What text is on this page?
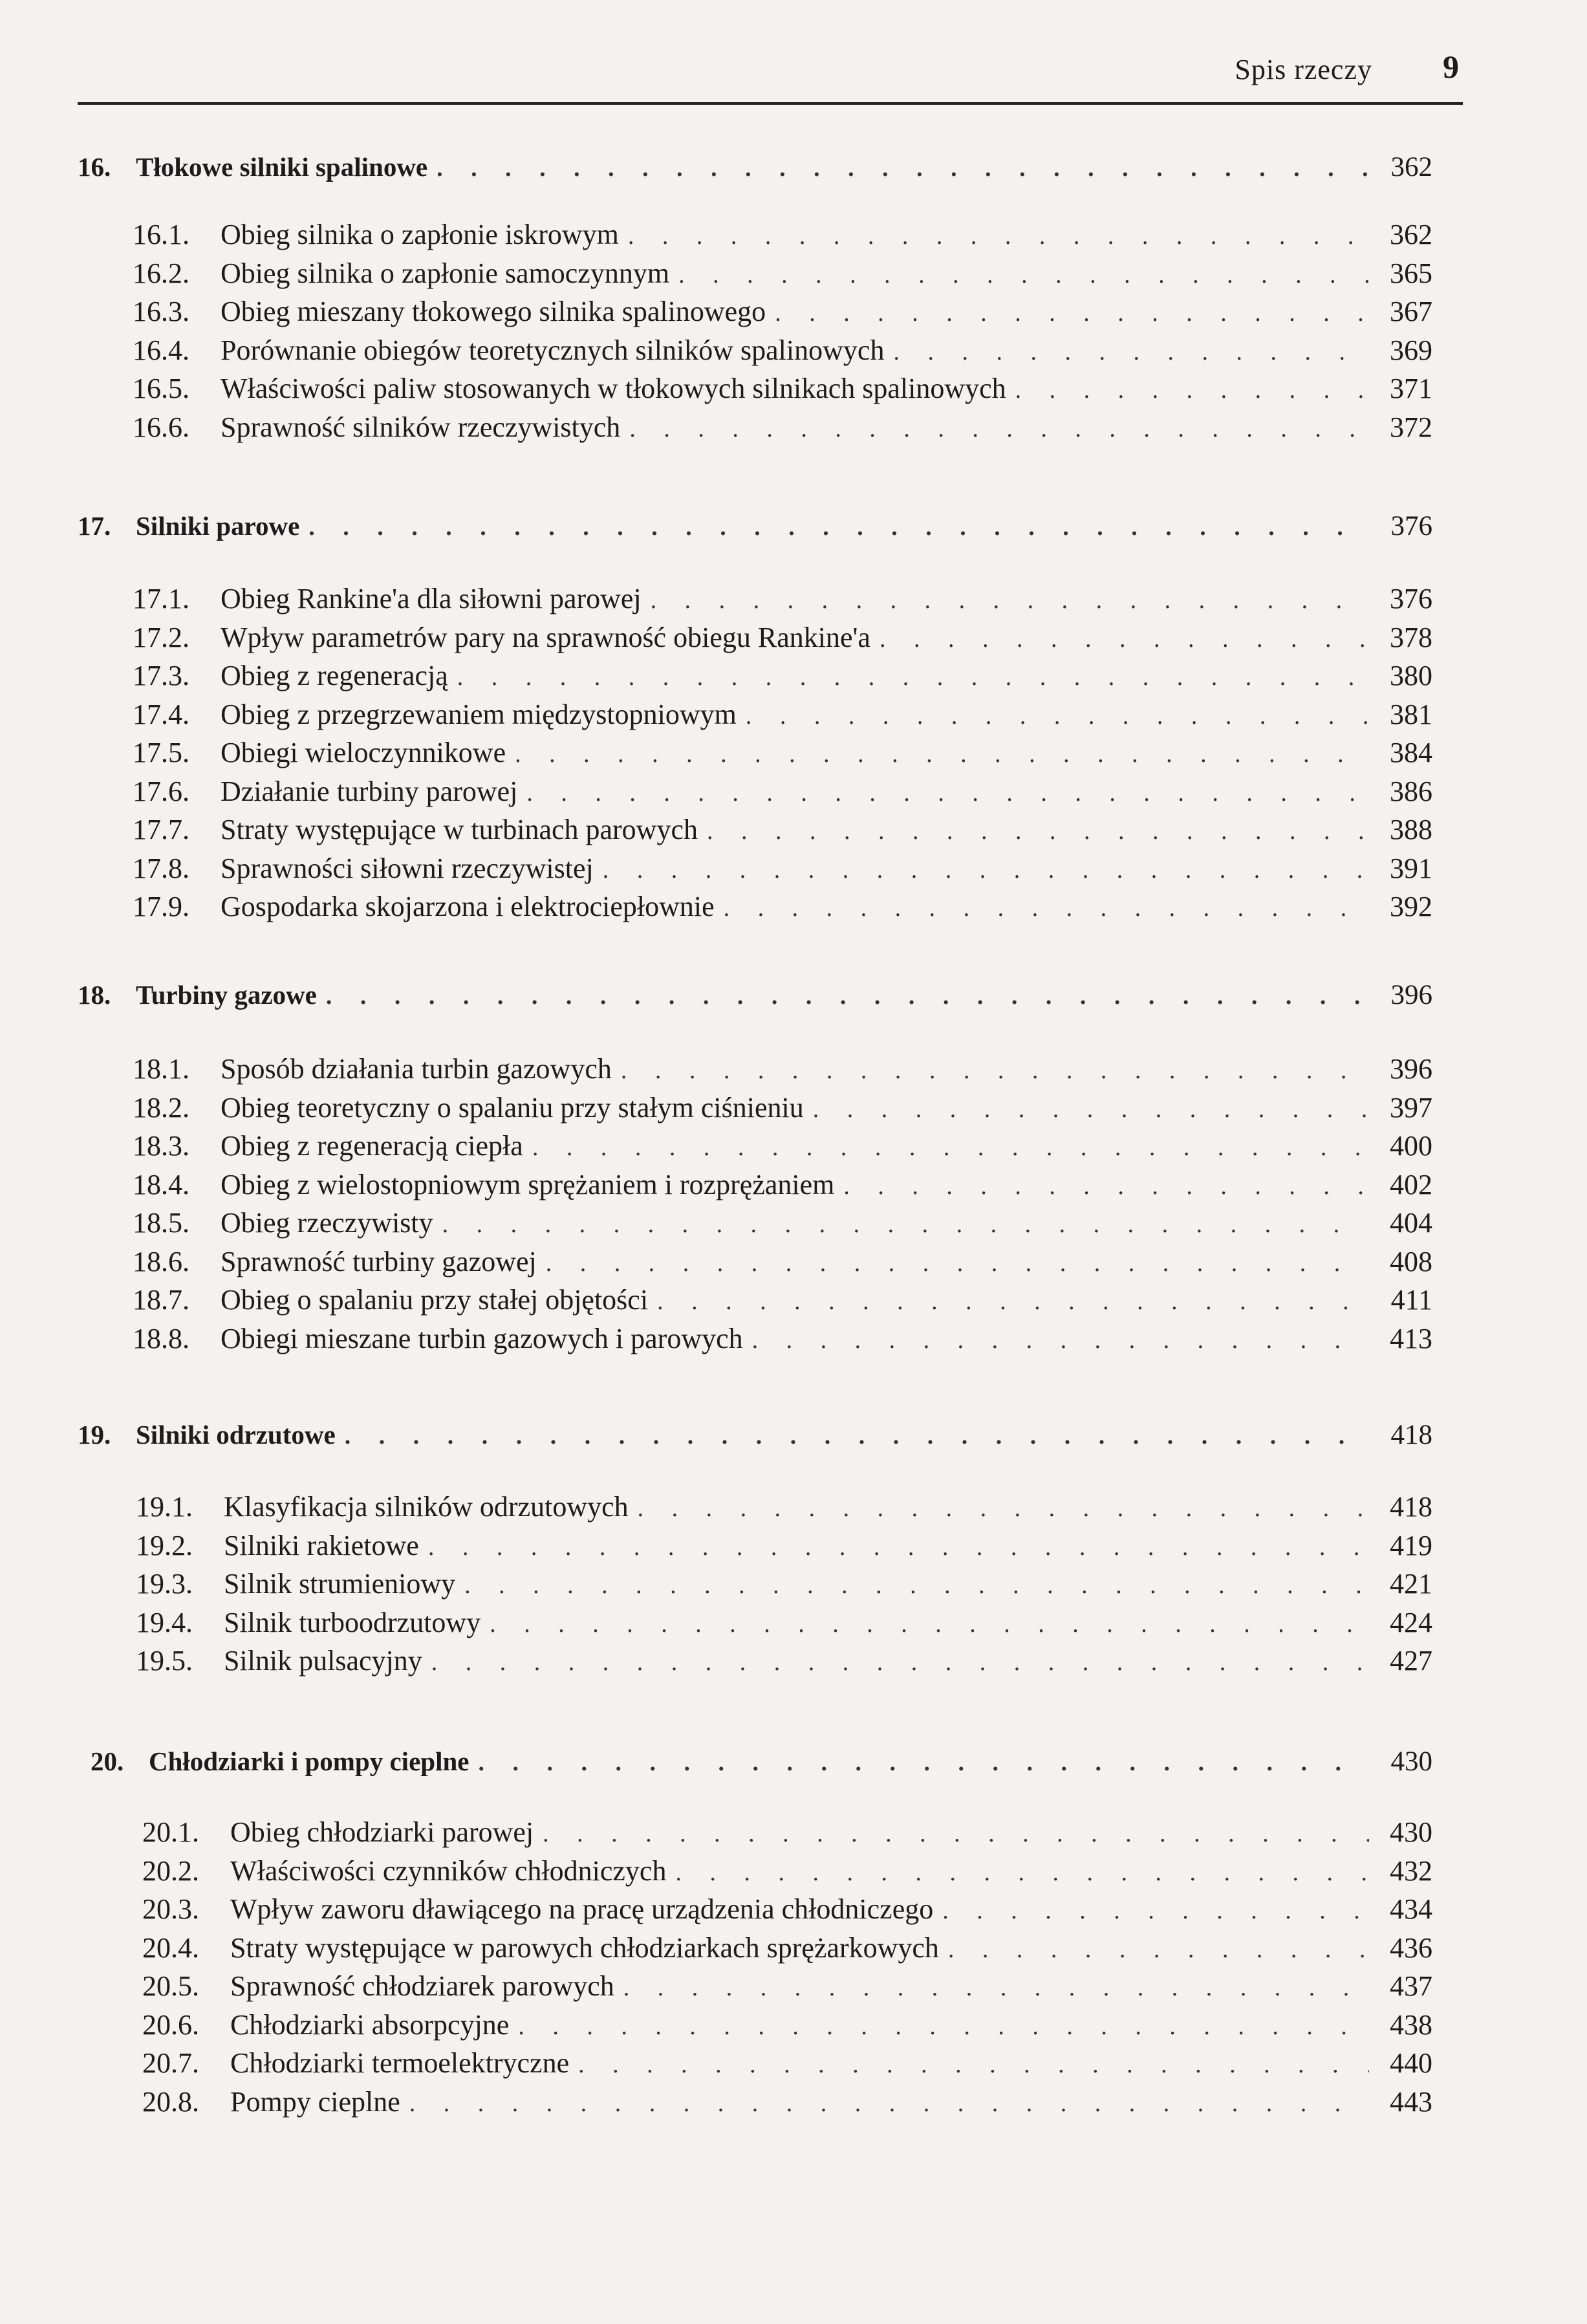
Spis rzeczy 9
16. Tłokowe silniki spalinowe . . .	362
16.1.	Obieg silnika o zapłonie iskrowym . . .	362
16.2.	Obieg silnika o zapłonie samoczynnym . . .	365
16.3.	Obieg mieszany tłokowego silnika spalinowego . . .	367
16.4.	Porównanie obiegów teoretycznych silników spalinowych . . .	369
16.5.	Właściwości paliw stosowanych w tłokowych silnikach spalinowych . . .	371
16.6.	Sprawność silników rzeczywistych . . .	372
17. Silniki parowe . . .	376
17.1.	Obieg Rankine'a dla siłowni parowej . . .	376
17.2.	Wpływ parametrów pary na sprawność obiegu Rankine'a . . .	378
17.3.	Obieg z regeneracją . . .	380
17.4.	Obieg z przegrzewaniem międzystopniowym . . .	381
17.5.	Obiegi wieloczynnikowe . . .	384
17.6.	Działanie turbiny parowej . . .	386
17.7.	Straty występujące w turbinach parowych . . .	388
17.8.	Sprawności siłowni rzeczywistej . . .	391
17.9.	Gospodarka skojarzona i elektrociepłownie . . .	392
18. Turbiny gazowe . . .	396
18.1.	Sposób działania turbin gazowych . . .	396
18.2.	Obieg teoretyczny o spalaniu przy stałym ciśnieniu . . .	397
18.3.	Obieg z regeneracją ciepła . . .	400
18.4.	Obieg z wielostopniowym sprężaniem i rozprężaniem . . .	402
18.5.	Obieg rzeczywisty . . .	404
18.6.	Sprawność turbiny gazowej . . .	408
18.7.	Obieg o spalaniu przy stałej objętości . . .	411
18.8.	Obiegi mieszane turbin gazowych i parowych . . .	413
19. Silniki odrzutowe . . .	418
19.1.	Klasyfikacja silników odrzutowych . . .	418
19.2.	Silniki rakietowe . . .	419
19.3.	Silnik strumieniowy . . .	421
19.4.	Silnik turboodrzutowy . . .	424
19.5.	Silnik pulsacyjny . . .	427
20. Chłodziarki i pompy cieplne . . .	430
20.1.	Obieg chłodziarki parowej . . .	430
20.2.	Właściwości czynników chłodniczych . . .	432
20.3.	Wpływ zaworu dławiącego na pracę urządzenia chłodniczego . . .	434
20.4.	Straty występujące w parowych chłodziarkach sprężarkowych . . .	436
20.5.	Sprawność chłodziarek parowych . . .	437
20.6.	Chłodziarki absorpcyjne . . .	438
20.7.	Chłodziarki termoelektryczne . . .	440
20.8.	Pompy cieplne . . .	443
